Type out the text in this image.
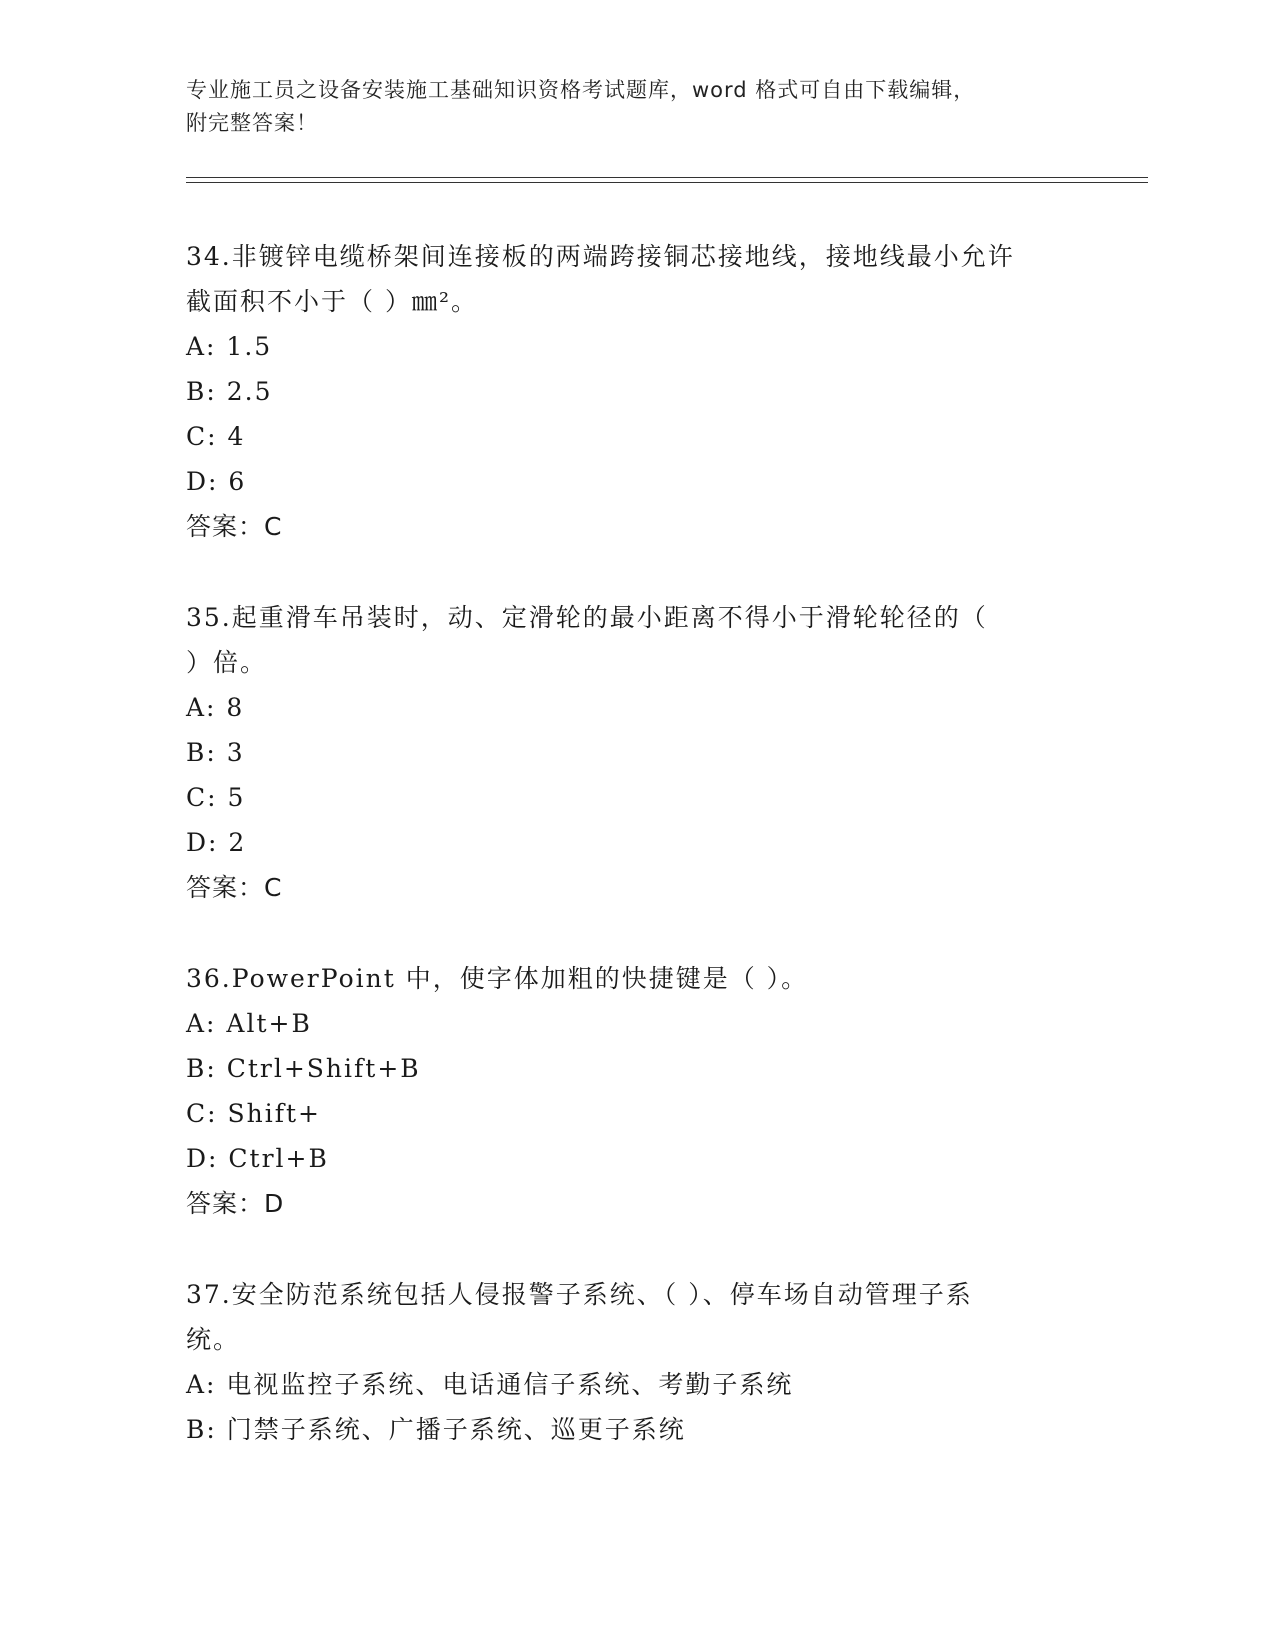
专业施工员之设备安装施工基础知识资格考试题库，word 格式可自由下载编辑，
附完整答案！

34.非镀锌电缆桥架间连接板的两端跨接铜芯接地线，接地线最小允许

截面积不小于（ ）㎜²。

A: 1.5

B: 2.5

C: 4

D: 6

答案：C

35.起重滑车吊装时，动、定滑轮的最小距离不得小于滑轮轮径的（

）倍。

A: 8

B: 3

C: 5

D: 2

答案：C

36.PowerPoint 中，使字体加粗的快捷键是（ ）。

A: Alt+B

B: Ctrl+Shift+B

C: Shift+

D: Ctrl+B

答案：D

37.安全防范系统包括人侵报警子系统、（ ）、停车场自动管理子系

统。

A: 电视监控子系统、电话通信子系统、考勤子系统

B: 门禁子系统、广播子系统、巡更子系统
